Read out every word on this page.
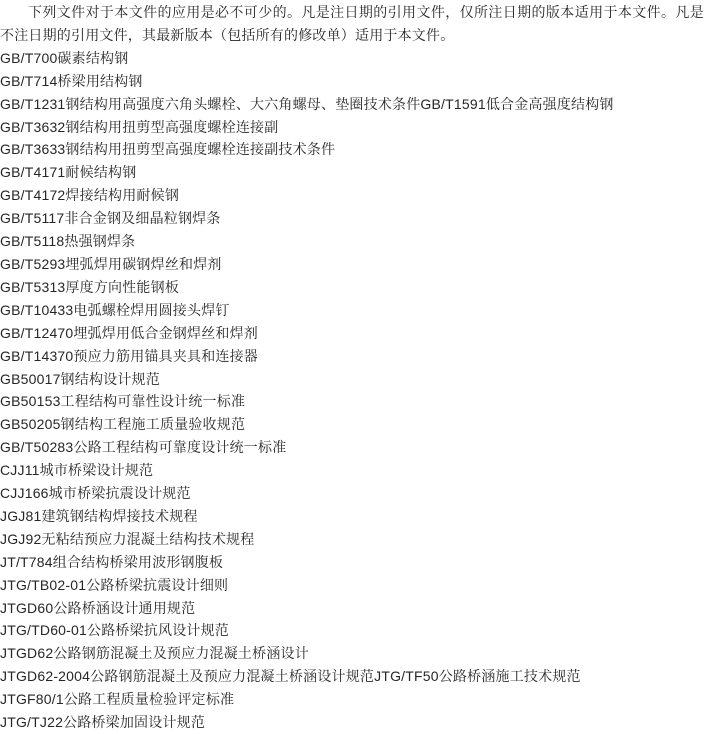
下列文件对于本文件的应用是必不可少的。凡是注日期的引用文件，仅所注日期的版本适用于本文件。凡是不注日期的引用文件，其最新版本（包括所有的修改单）适用于本文件。

GB/T700碳素结构钢
GB/T714桥梁用结构钢
GB/T1231钢结构用高强度六角头螺栓、大六角螺母、垫圈技术条件GB/T1591低合金高强度结构钢
GB/T3632钢结构用扭剪型高强度螺栓连接副
GB/T3633钢结构用扭剪型高强度螺栓连接副技术条件
GB/T4171耐候结构钢
GB/T4172焊接结构用耐候钢
GB/T5117非合金钢及细晶粒钢焊条
GB/T5118热强钢焊条
GB/T5293埋弧焊用碳钢焊丝和焊剂
GB/T5313厚度方向性能钢板
GB/T10433电弧螺栓焊用圆接头焊钉
GB/T12470埋弧焊用低合金钢焊丝和焊剂
GB/T14370预应力筋用锚具夹具和连接器
GB50017钢结构设计规范
GB50153工程结构可靠性设计统一标准
GB50205钢结构工程施工质量验收规范
GB/T50283公路工程结构可靠度设计统一标准
CJJ11城市桥梁设计规范
CJJ166城市桥梁抗震设计规范
JGJ81建筑钢结构焊接技术规程
JGJ92无粘结预应力混凝土结构技术规程
JT/T784组合结构桥梁用波形钢腹板
JTG/TB02-01公路桥梁抗震设计细则
JTGD60公路桥涵设计通用规范
JTG/TD60-01公路桥梁抗风设计规范
JTGD62公路钢筋混凝土及预应力混凝土桥涵设计
JTGD62-2004公路钢筋混凝土及预应力混凝土桥涵设计规范JTG/TF50公路桥涵施工技术规范
JTGF80/1公路工程质量检验评定标准
JTG/TJ22公路桥梁加固设计规范
